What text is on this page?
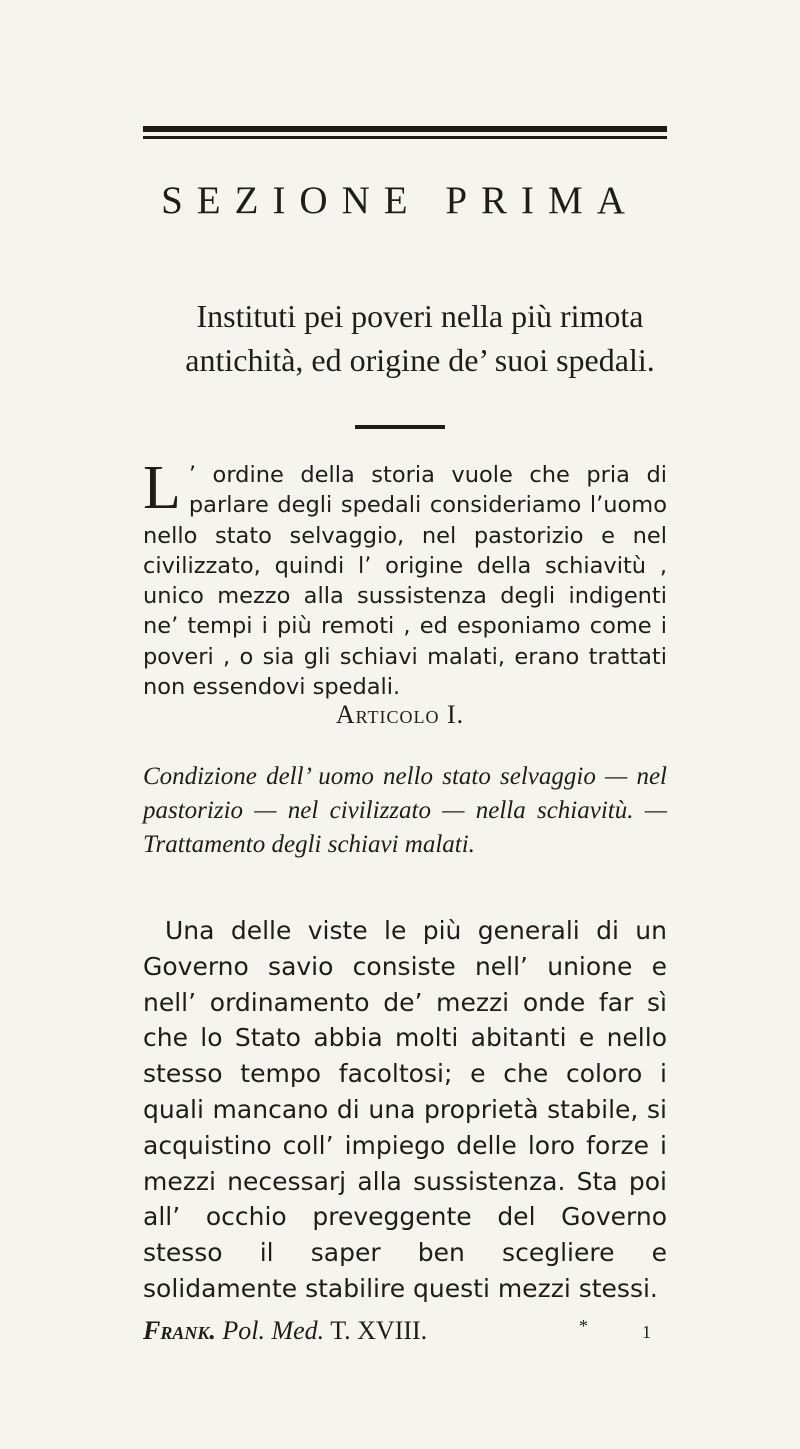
SEZIONE PRIMA
Instituti pei poveri nella più rimota
antichità, ed origine de’ suoi spedali.
L ’ ordine della storia vuole che pria di parlare degli spedali consideriamo l’uomo nello stato selvaggio, nel pastorizio e nel civilizzato, quindi l’ origine della schiavitù , unico mezzo alla sussistenza degli indigenti ne’ tempi i più remoti , ed esponiamo come i poveri , o sia gli schiavi malati, erano trattati non essendovi spedali.
Articolo I.
Condizione dell’ uomo nello stato selvaggio — nel pastorizio — nel civilizzato — nella schiavitù. — Trattamento degli schiavi malati.
Una delle viste le più generali di un Governo savio consiste nell’ unione e nell’ ordinamento de’ mezzi onde far sì che lo Stato abbia molti abitanti e nello stesso tempo facoltosi; e che coloro i quali mancano di una proprietà stabile, si acquistino coll’ impiego delle loro forze i mezzi necessarj alla sussistenza. Sta poi all’ occhio preveggente del Governo stesso il saper ben scegliere e solidamente stabilire questi mezzi stessi.
Frank. Pol. Med. T. XVIII.	*	1
